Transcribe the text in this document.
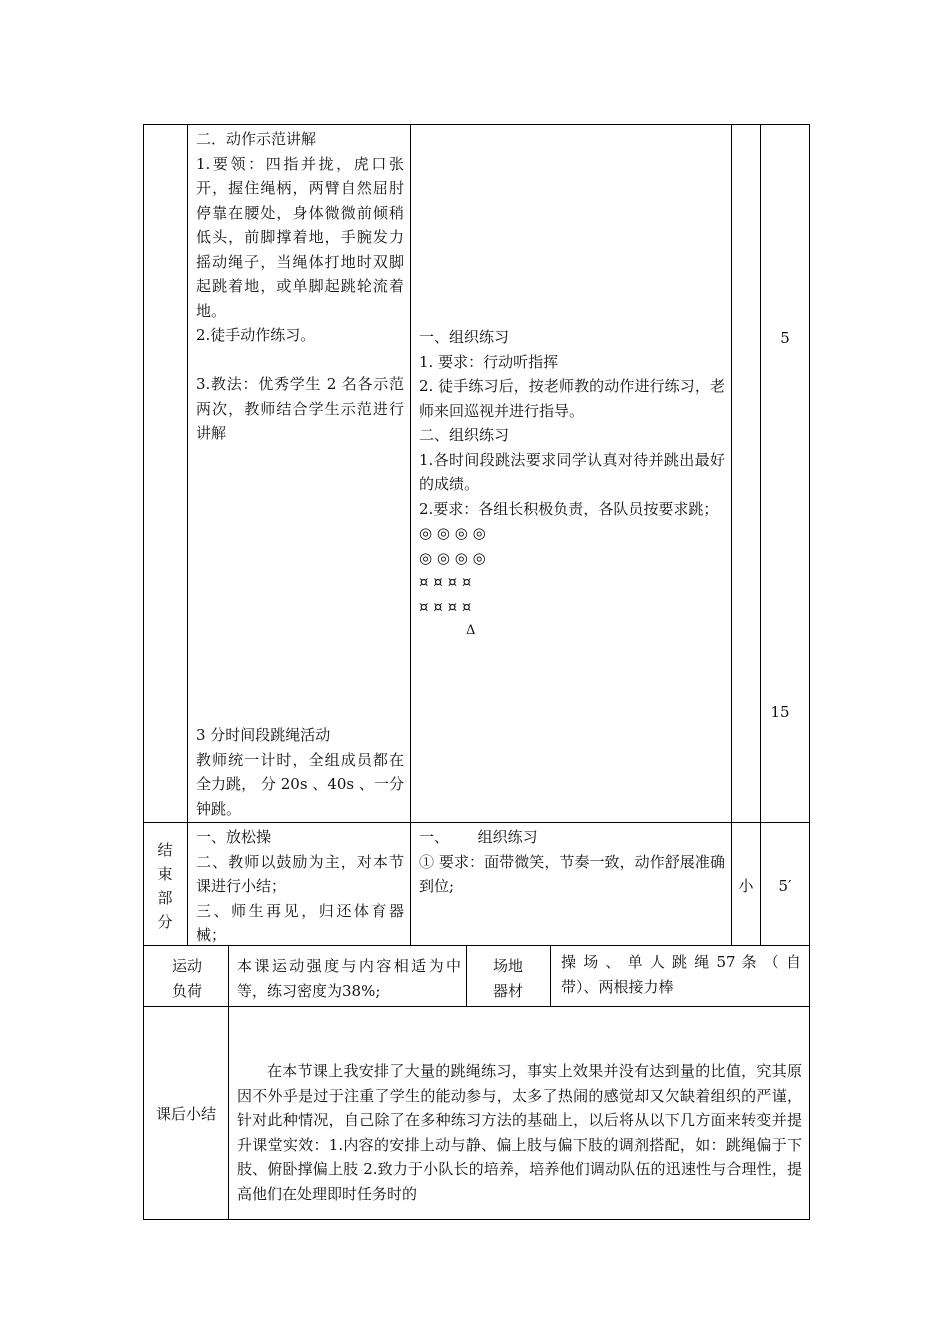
二．动作示范讲解

1.要领：四指并拢，虎口张开，握住绳柄，两臂自然屈肘停靠在腰处，身体微微前倾稍低头，前脚撑着地，手腕发力摇动绳子，当绳体打地时双脚起跳着地，或单脚起跳轮流着地。

2.徒手动作练习。

3.教法：优秀学生 2 名各示范两次，教师结合学生示范进行讲解

3 分时间段跳绳活动

教师统一计时，全组成员都在全力跳， 分 20s 、40s 、一分钟跳。

一、组织练习

1. 要求：行动听指挥

2. 徒手练习后，按老师教的动作进行练习，老师来回巡视并进行指导。

二、组织练习

1.各时间段跳法要求同学认真对待并跳出最好的成绩。

2.要求：各组长积极负责，各队员按要求跳；

◎ ◎ ◎ ◎

◎ ◎ ◎ ◎

¤ ¤ ¤ ¤

¤ ¤ ¤ ¤

Δ

5
15
结
束
部
分

一、放松操

二、教师以鼓励为主，对本节课进行小结；

三、师生再见，归还体育器械；

一、      组织练习

① 要求：面带微笑，节奏一致，动作舒展准确到位;	小	5′
运动负荷
本课运动强度与内容相适为中等，练习密度为38%;
场地器材
操 场 、 单 人 跳 绳 57 条 （ 自带）、两根接力棒
课后小结
在本节课上我安排了大量的跳绳练习，事实上效果并没有达到量的比值，究其原因不外乎是过于注重了学生的能动参与，太多了热闹的感觉却又欠缺着组织的严谨，针对此种情况，自己除了在多种练习方法的基础上，以后将从以下几方面来转变并提升课堂实效：1.内容的安排上动与静、偏上肢与偏下肢的调剂搭配，如：跳绳偏于下肢、俯卧撑偏上肢 2.致力于小队长的培养，培养他们调动队伍的迅速性与合理性，提高他们在处理即时任务时的
